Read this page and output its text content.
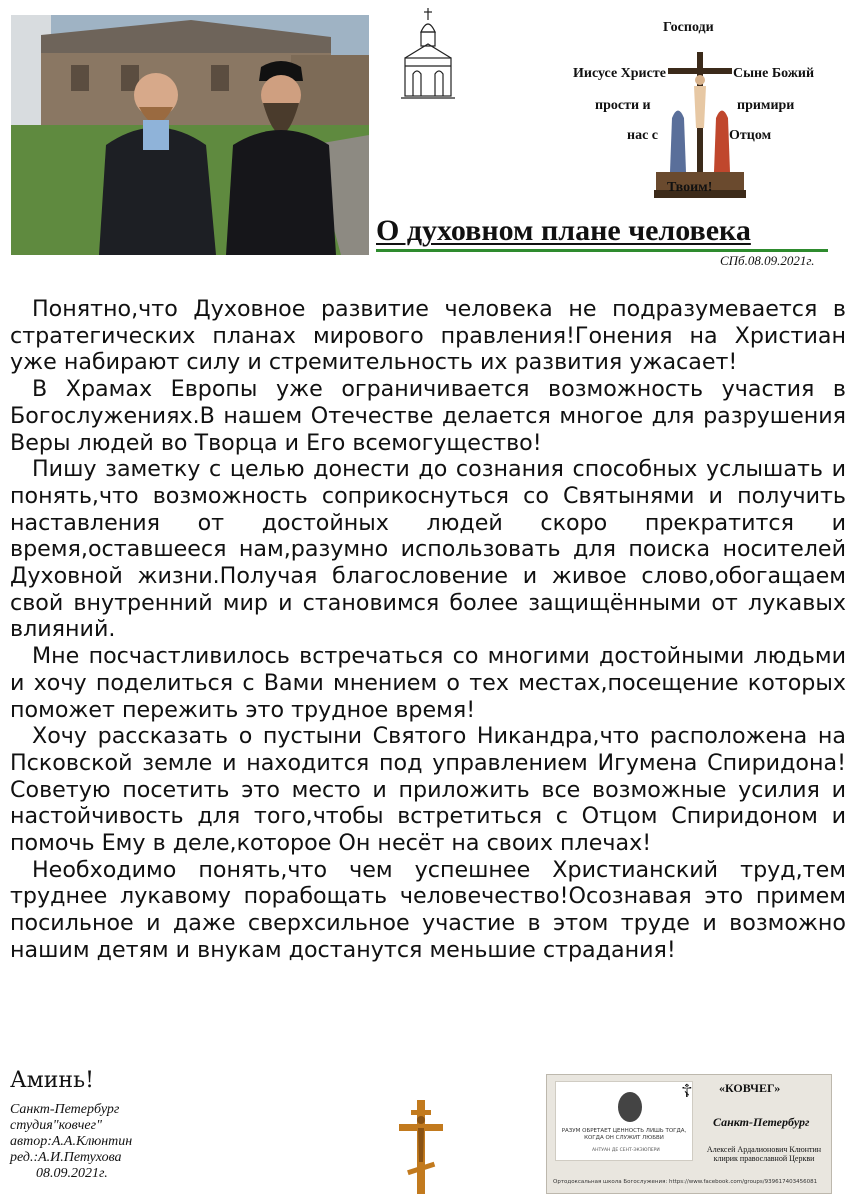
Господи
Иисусе Христе	Сыне Божий
прости и	примири
нас с	Отцом
Твоим!
О духовном плане человека
СПб.08.09.2021г.

Понятно,что Духовное развитие человека не подразумевается в стратегических планах мирового правления!Гонения на Христиан уже набирают силу и стремительность их развития ужасает!

В Храмах Европы уже ограничивается возможность участия в Богослужениях.В нашем Отечестве делается многое для разрушения Веры людей во Творца и Его всемогущество!

Пишу заметку с целью донести до сознания способных услышать и понять,что возможность соприкоснуться со Святынями и получить наставления от достойных людей скоро прекратится и время,оставшееся нам,разумно использовать для поиска носителей Духовной жизни.Получая благословение и живое слово,обогащаем свой внутренний мир и становимся более защищёнными от лукавых влияний.

Мне посчастливилось встречаться со многими достойными людьми и хочу поделиться с Вами мнением о тех местах,посещение которых поможет пережить это трудное время!

Хочу рассказать о пустыни Святого Никандра,что расположена на Псковской земле и находится под управлением Игумена Спиридона!Советую посетить это место и приложить все возможные усилия и настойчивость для того,чтобы встретиться с Отцом Спиридоном и помочь Ему в деле,которое Он несёт на своих плечах!

Необходимо понять,что чем успешнее Христианский труд,тем труднее лукавому порабощать человечество!Осознавая это примем посильное и даже сверхсильное участие в этом труде и возможно нашим детям и внукам достанутся меньшие страдания!

Аминь!
Санкт-Петербург
студия"ковчег"
автор:А.А.Клюнтин
ред.:А.И.Петухова
08.09.2021г.
РАЗУМ ОБРЕТАЕТ ЦЕННОСТЬ ЛИШЬ ТОГДА, КОГДА ОН СЛУЖИТ ЛЮБВИ
АНТУАН ДЕ СЕНТ-ЭКЗЮПЕРИ
☦ «КОВЧЕГ»
Санкт-Петербург
Алексей Ардалионович Клюнтин клирик православной Церкви
Ортодоксальная школа Богослужения: https://www.facebook.com/groups/939617403456081
